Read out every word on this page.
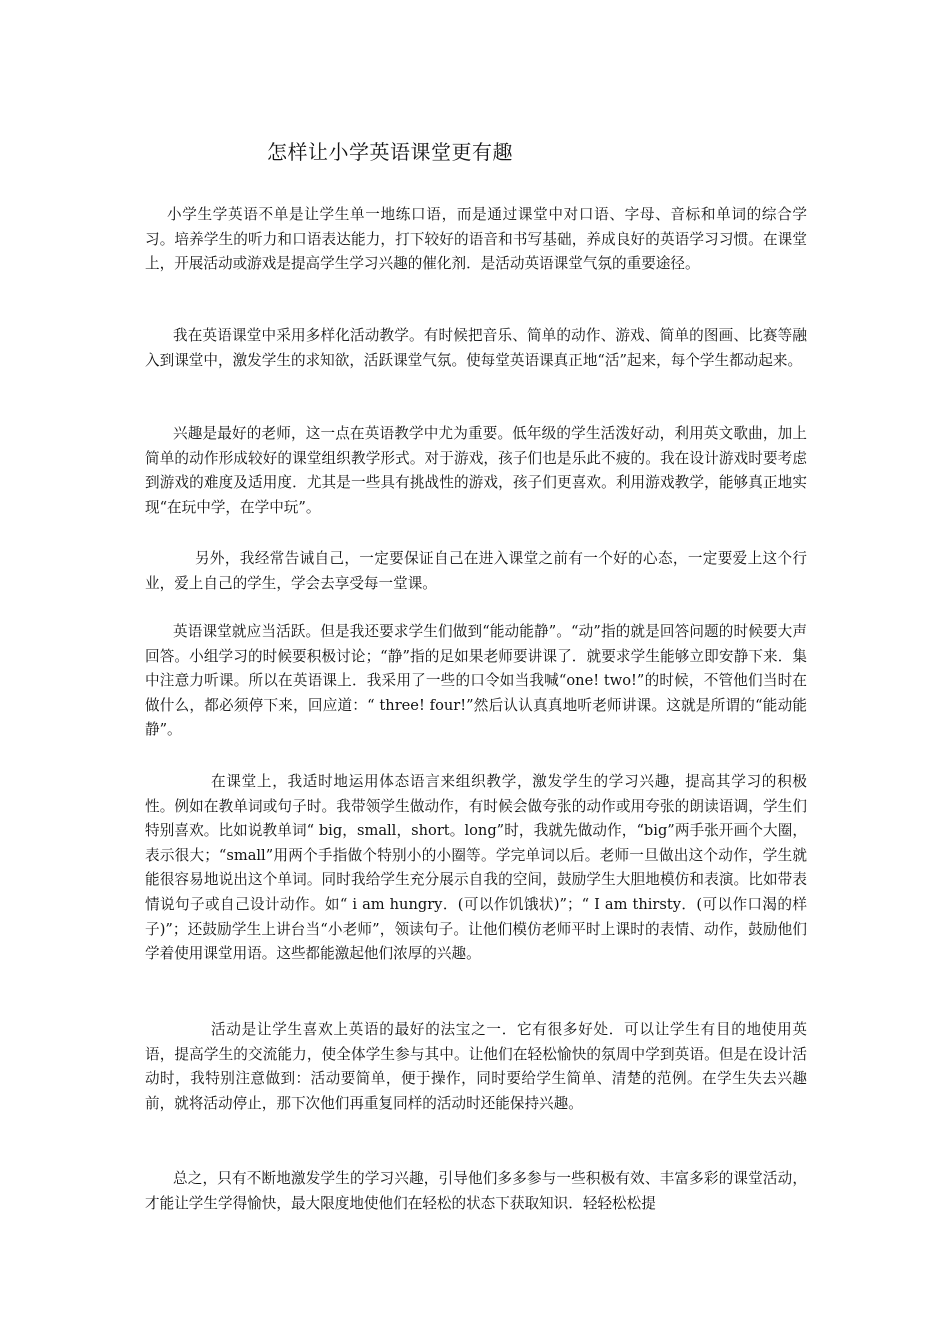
怎样让小学英语课堂更有趣

小学生学英语不单是让学生单一地练口语，而是通过课堂中对口语、字母、音标和单词的综合学习。培养学生的听力和口语表达能力，打下较好的语音和书写基础，养成良好的英语学习习惯。在课堂上，开展活动或游戏是提高学生学习兴趣的催化剂．是活动英语课堂气氛的重要途径。

我在英语课堂中采用多样化活动教学。有时候把音乐、简单的动作、游戏、简单的图画、比赛等融入到课堂中，激发学生的求知欲，活跃课堂气氛。使每堂英语课真正地“活”起来，每个学生都动起来。

兴趣是最好的老师，这一点在英语教学中尤为重要。低年级的学生活泼好动，利用英文歌曲，加上简单的动作形成较好的课堂组织教学形式。对于游戏，孩子们也是乐此不疲的。我在设计游戏时要考虑到游戏的难度及适用度．尤其是一些具有挑战性的游戏，孩子们更喜欢。利用游戏教学，能够真正地实现“在玩中学，在学中玩”。

另外，我经常告诫自己，一定要保证自己在进入课堂之前有一个好的心态，一定要爱上这个行业，爱上自己的学生，学会去享受每一堂课。

英语课堂就应当活跃。但是我还要求学生们做到“能动能静”。“动”指的就是回答问题的时候要大声回答。小组学习的时候要积极讨论；“静”指的足如果老师要讲课了．就要求学生能够立即安静下来．集中注意力听课。所以在英语课上．我采用了一些的口令如当我喊“one! two!”的时候，不管他们当时在做什么，都必须停下来，回应道：“ three! four!”然后认认真真地听老师讲课。这就是所谓的“能动能静”。

在课堂上，我适时地运用体态语言来组织教学，激发学生的学习兴趣，提高其学习的积极性。例如在教单词或句子时。我带领学生做动作，有时候会做夸张的动作或用夸张的朗读语调，学生们特别喜欢。比如说教单词“ big，small，short。long”时，我就先做动作，“big”两手张开画个大圈，表示很大；“small”用两个手指做个特别小的小圈等。学完单词以后。老师一旦做出这个动作，学生就能很容易地说出这个单词。同时我给学生充分展示自我的空间，鼓励学生大胆地模仿和表演。比如带表情说句子或自己设计动作。如“ i am hungry．(可以作饥饿状)”；“ I am thirsty．(可以作口渴的样子)”；还鼓励学生上讲台当“小老师”，领读句子。让他们模仿老师平时上课时的表情、动作，鼓励他们学着使用课堂用语。这些都能激起他们浓厚的兴趣。

活动是让学生喜欢上英语的最好的法宝之一．它有很多好处．可以让学生有目的地使用英语，提高学生的交流能力，使全体学生参与其中。让他们在轻松愉快的氛周中学到英语。但是在设计活动时，我特别注意做到：活动要简单，便于操作，同时要给学生简单、清楚的范例。在学生失去兴趣前，就将活动停止，那下次他们再重复同样的活动时还能保持兴趣。

总之，只有不断地激发学生的学习兴趣，引导他们多多参与一些积极有效、丰富多彩的课堂活动，才能让学生学得愉快，最大限度地使他们在轻松的状态下获取知识．轻轻松松提
